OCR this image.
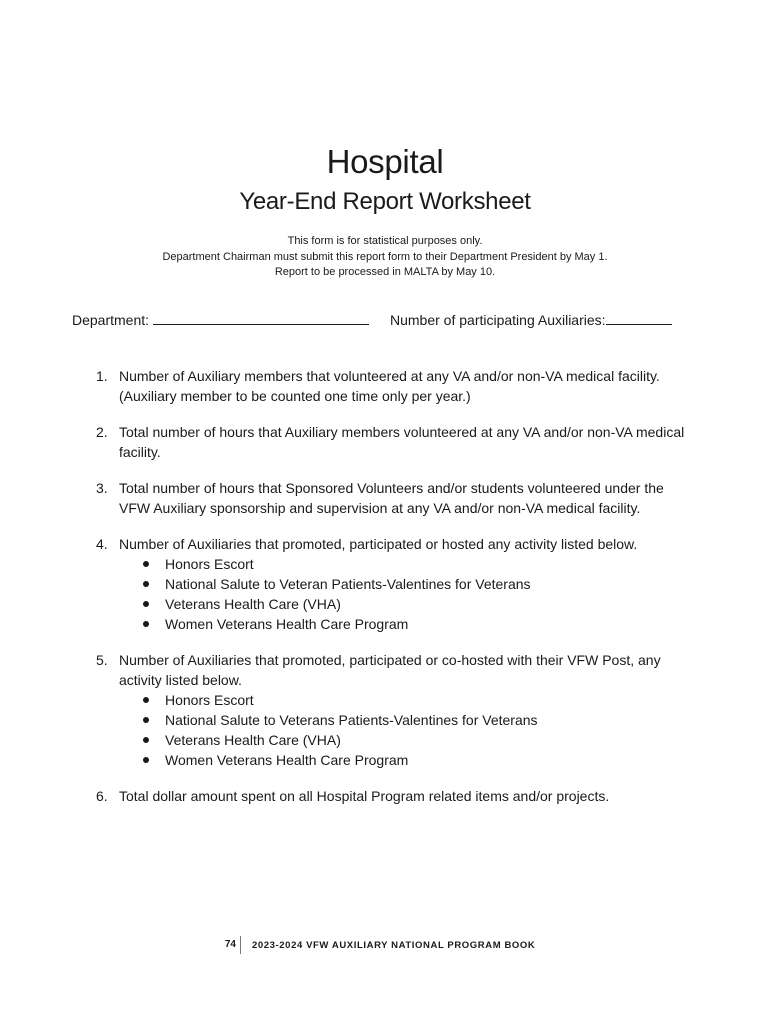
Hospital
Year-End Report Worksheet
This form is for statistical purposes only.
Department Chairman must submit this report form to their Department President by May 1.
Report to be processed in MALTA by May 10.
Department:	Number of participating Auxiliaries:
1. Number of Auxiliary members that volunteered at any VA and/or non-VA medical facility.
(Auxiliary member to be counted one time only per year.)
2. Total number of hours that Auxiliary members volunteered at any VA and/or non-VA medical
facility.
3. Total number of hours that Sponsored Volunteers and/or students volunteered under the
VFW Auxiliary sponsorship and supervision at any VA and/or non-VA medical facility.
4. Number of Auxiliaries that promoted, participated or hosted any activity listed below.
Honors Escort
National Salute to Veteran Patients-Valentines for Veterans
Veterans Health Care (VHA)
Women Veterans Health Care Program
5. Number of Auxiliaries that promoted, participated or co-hosted with their VFW Post, any
activity listed below.
Honors Escort
National Salute to Veterans Patients-Valentines for Veterans
Veterans Health Care (VHA)
Women Veterans Health Care Program
6. Total dollar amount spent on all Hospital Program related items and/or projects.
74 2023-2024 VFW AUXILIARY NATIONAL PROGRAM BOOK
